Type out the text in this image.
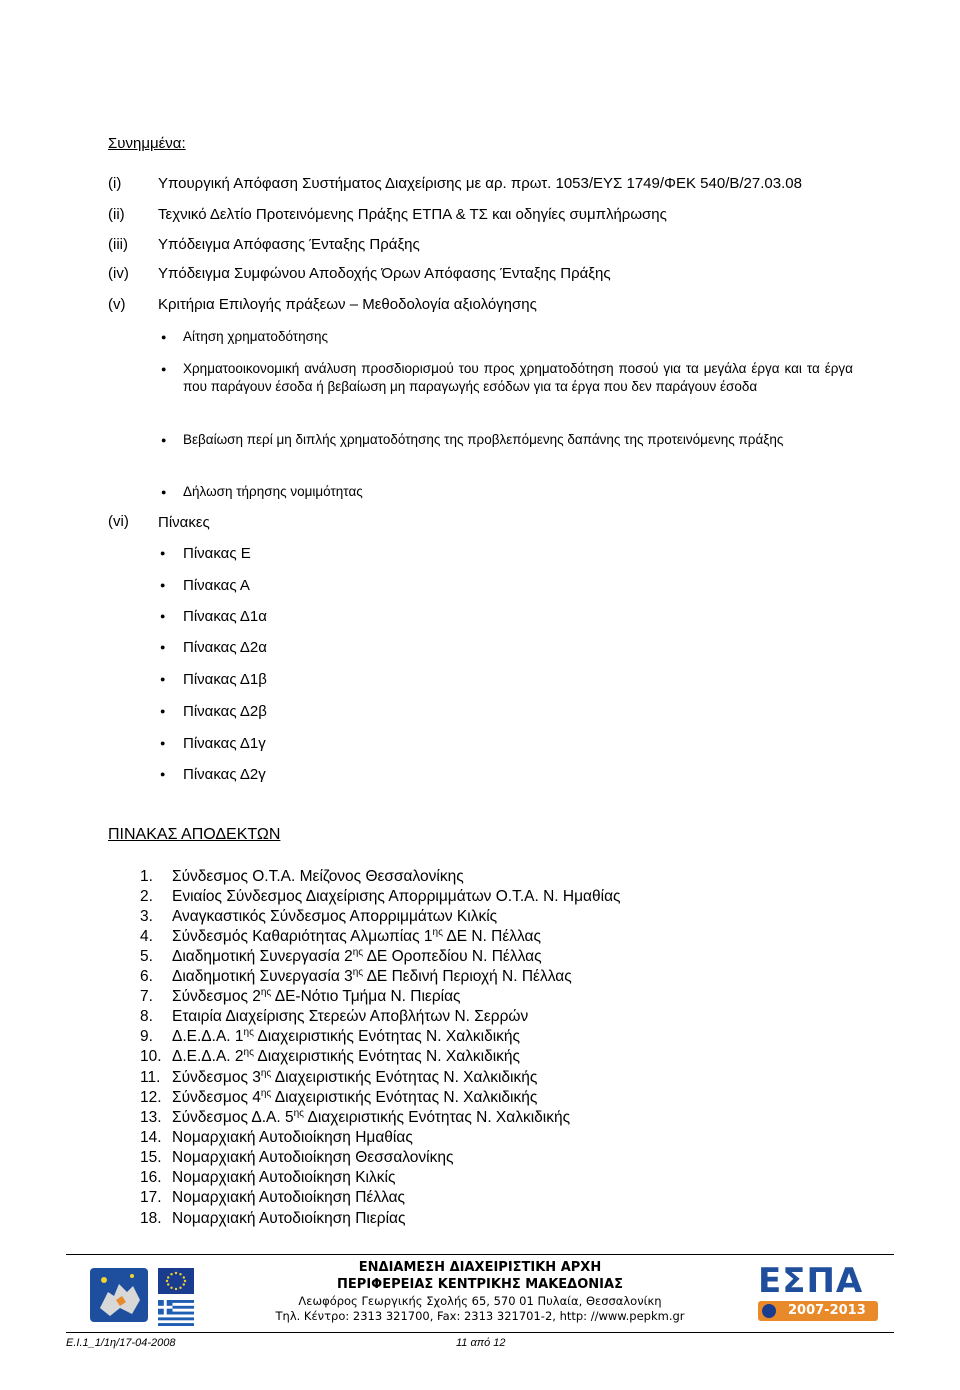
Συνημμένα:
(i) Υπουργική Απόφαση Συστήματος Διαχείρισης με αρ. πρωτ. 1053/ΕΥΣ 1749/ΦΕΚ 540/Β/27.03.08
(ii) Τεχνικό Δελτίο Προτεινόμενης Πράξης ΕΤΠΑ & ΤΣ και οδηγίες συμπλήρωσης
(iii) Υπόδειγμα Απόφασης Ένταξης Πράξης
(iv) Υπόδειγμα Συμφώνου Αποδοχής Όρων Απόφασης Ένταξης Πράξης
(v) Κριτήρια Επιλογής πράξεων – Μεθοδολογία αξιολόγησης
● Αίτηση χρηματοδότησης
● Χρηματοοικονομική ανάλυση προσδιορισμού του προς χρηματοδότηση ποσού για τα μεγάλα έργα και τα έργα που παράγουν έσοδα ή βεβαίωση μη παραγωγής εσόδων για τα έργα που δεν παράγουν έσοδα
● Βεβαίωση περί μη διπλής χρηματοδότησης της προβλεπόμενης δαπάνης της προτεινόμενης πράξης
● Δήλωση τήρησης νομιμότητας
(vi) Πίνακες
● Πίνακας Ε
● Πίνακας Α
● Πίνακας Δ1α
● Πίνακας Δ2α
● Πίνακας Δ1β
● Πίνακας Δ2β
● Πίνακας Δ1γ
● Πίνακας Δ2γ
ΠΙΝΑΚΑΣ ΑΠΟΔΕΚΤΩΝ
1. Σύνδεσμος Ο.Τ.Α. Μείζονος Θεσσαλονίκης
2. Ενιαίος Σύνδεσμος Διαχείρισης Απορριμμάτων Ο.Τ.Α. Ν. Ημαθίας
3. Αναγκαστικός Σύνδεσμος Απορριμμάτων Κιλκίς
4. Σύνδεσμός Καθαριότητας Αλμωπίας $1^{\eta\varsigma}$ ΔΕ Ν. Πέλλας
5. Διαδημοτική Συνεργασία $2^{\eta\varsigma}$ ΔΕ Οροπεδίου Ν. Πέλλας
6. Διαδημοτική Συνεργασία $3^{\eta\varsigma}$ ΔΕ Πεδινή Περιοχή Ν. Πέλλας
7. Σύνδεσμος $2^{\eta\varsigma}$ ΔΕ-Νότιο Τμήμα Ν. Πιερίας
8. Εταιρία Διαχείρισης Στερεών Αποβλήτων Ν. Σερρών
9. Δ.Ε.Δ.Α. $1^{\eta\varsigma}$ Διαχειριστικής Ενότητας Ν. Χαλκιδικής
10. Δ.Ε.Δ.Α. $2^{\eta\varsigma}$ Διαχειριστικής Ενότητας Ν. Χαλκιδικής
11. Σύνδεσμος $3^{\eta\varsigma}$ Διαχειριστικής Ενότητας Ν. Χαλκιδικής
12. Σύνδεσμος $4^{\eta\varsigma}$ Διαχειριστικής Ενότητας Ν. Χαλκιδικής
13. Σύνδεσμος Δ.Α. $5^{\eta\varsigma}$ Διαχειριστικής Ενότητας Ν. Χαλκιδικής
14. Νομαρχιακή Αυτοδιοίκηση Ημαθίας
15. Νομαρχιακή Αυτοδιοίκηση Θεσσαλονίκης
16. Νομαρχιακή Αυτοδιοίκηση Κιλκίς
17. Νομαρχιακή Αυτοδιοίκηση Πέλλας
18. Νομαρχιακή Αυτοδιοίκηση Πιερίας
ΕΝΔΙΑΜΕΣΗ ΔΙΑΧΕΙΡΙΣΤΙΚΗ ΑΡΧΗ
ΠΕΡΙΦΕΡΕΙΑΣ ΚΕΝΤΡΙΚΗΣ ΜΑΚΕΔΟΝΙΑΣ
Λεωφόρος Γεωργικής Σχολής 65, 570 01 Πυλαία, Θεσσαλονίκη
Τηλ. Κέντρο: 2313 321700, Fax: 2313 321701-2, http: //www.pepkm.gr
ΕΣΠΑ
2007-2013
Ε.Ι.1_1/1η/17-04-2008	11 από 12
